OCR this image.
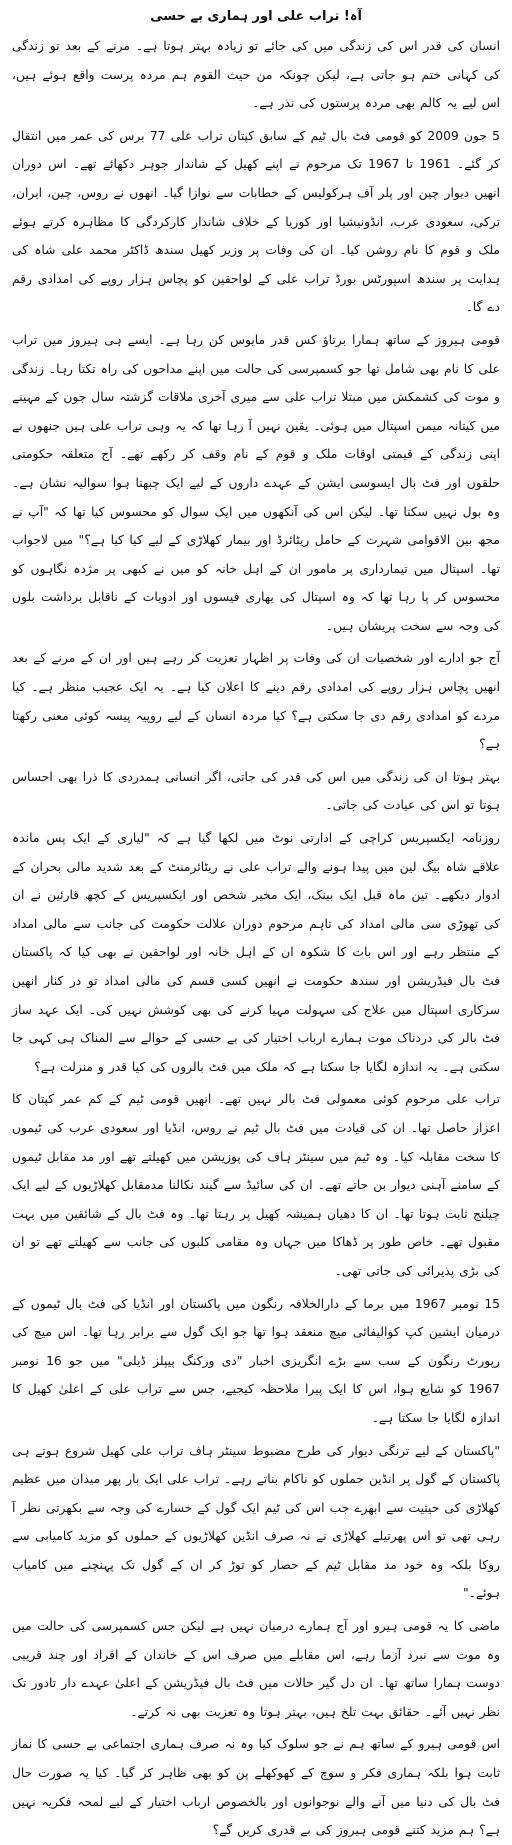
آہ! تراب علی اور ہماری بے حسی

انسان کی قدر اس کی زندگی میں کی جائے تو زیادہ بہتر ہوتا ہے۔ مرنے کے بعد تو زندگی کی کہانی ختم ہو جاتی ہے، لیکن چونکہ من حیث القوم ہم مردہ پرست واقع ہوئے ہیں، اس لیے یہ کالم بھی مردہ پرستوں کی نذر ہے۔

5 جون 2009 کو قومی فٹ بال ٹیم کے سابق کپتان تراب علی 77 برس کی عمر میں انتقال کر گئے۔ 1961 تا 1967 تک مرحوم نے اپنے کھیل کے شاندار جوہر دکھائے تھے۔ اس دوران انھیں دیوار چین اور پلر آف ہرکولیس کے خطابات سے نوازا گیا۔ انھوں نے روس، چین، ایران، ترکی، سعودی عرب، انڈونیشیا اور کوریا کے خلاف شاندار کارکردگی کا مظاہرہ کرتے ہوئے ملک و قوم کا نام روشن کیا۔ ان کی وفات پر وزیر کھیل سندھ ڈاکٹر محمد علی شاہ کی ہدایت پر سندھ اسپورٹس بورڈ تراب علی کے لواحقین کو پچاس ہزار روپے کی امدادی رقم دے گا۔

قومی ہیروز کے ساتھ ہمارا برتاؤ کس قدر مایوس کن رہا ہے۔ ایسے ہی ہیروز میں تراب علی کا نام بھی شامل تھا جو کسمپرسی کی حالت میں اپنے مداحوں کی راہ تکتا رہا۔ زندگی و موت کی کشمکش میں مبتلا تراب علی سے میری آخری ملاقات گزشتہ سال جون کے مہینے میں کیتانہ میمن اسپتال میں ہوئی۔ یقین نہیں آ رہا تھا کہ یہ وہی تراب علی ہیں جنھوں نے اپنی زندگی کے قیمتی اوقات ملک و قوم کے نام وقف کر رکھے تھے۔ آج متعلقہ حکومتی حلقوں اور فٹ بال ایسوسی ایشن کے عہدے داروں کے لیے ایک چبھتا ہوا سوالیہ نشان ہے۔ وہ بول نہیں سکتا تھا۔ لیکن اس کی آنکھوں میں ایک سوال کو محسوس کیا تھا کہ "آپ نے مجھ بین الاقوامی شہرت کے حامل ریٹائرڈ اور بیمار کھلاڑی کے لیے کیا کیا ہے؟" میں لاجواب تھا۔ اسپتال میں تیمارداری پر مامور ان کے اہل خانہ کو میں نے کبھی پر مژدہ نگاہوں کو محسوس کر پا رہا تھا کہ وہ اسپتال کی بھاری فیسوں اور ادویات کے ناقابل برداشت بلوں کی وجہ سے سخت پریشان ہیں۔

آج جو ادارے اور شخصیات ان کی وفات پر اظہار تعزیت کر رہے ہیں اور ان کے مرنے کے بعد انھیں پچاس ہزار روپے کی امدادی رقم دینے کا اعلان کیا ہے۔ یہ ایک عجیب منظر ہے۔ کیا مردے کو امدادی رقم دی جا سکتی ہے؟ کیا مردہ انسان کے لیے روپیہ پیسہ کوئی معنی رکھتا ہے؟

بہتر ہوتا ان کی زندگی میں اس کی قدر کی جاتی، اگر انسانی ہمدردی کا ذرا بھی احساس ہوتا تو اس کی عیادت کی جاتی۔

روزنامہ ایکسپریس کراچی کے ادارتی نوٹ میں لکھا گیا ہے کہ "لیاری کے ایک پس ماندہ علاقے شاہ بیگ لین میں پیدا ہونے والے تراب علی نے ریٹائرمنٹ کے بعد شدید مالی بحران کے ادوار دیکھے۔ تین ماہ قبل ایک بینک، ایک مخیر شخص اور ایکسپریس کے کچھ قارئین نے ان کی تھوڑی سی مالی امداد کی تاہم مرحوم دوران علالت حکومت کی جانب سے مالی امداد کے منتظر رہے اور اس بات کا شکوہ ان کے اہل خانہ اور لواحقین نے بھی کیا کہ پاکستان فٹ بال فیڈریشن اور سندھ حکومت نے انھیں کسی قسم کی مالی امداد تو در کنار انھیں سرکاری اسپتال میں علاج کی سہولت مہیا کرنے کی بھی کوشش نہیں کی۔ ایک عہد ساز فٹ بالر کی دردناک موت ہمارے ارباب اختیار کی بے حسی کے حوالے سے المناک ہی کہی جا سکتی ہے۔ یہ اندازہ لگایا جا سکتا ہے کہ ملک میں فٹ بالروں کی کیا قدر و منزلت ہے؟

تراب علی مرحوم کوئی معمولی فٹ بالر نہیں تھے۔ انھیں قومی ٹیم کے کم عمر کپتان کا اعزاز حاصل تھا۔ ان کی قیادت میں فٹ بال ٹیم نے روس، انڈیا اور سعودی عرب کی ٹیموں کا سخت مقابلہ کیا۔ وہ ٹیم میں سینٹر ہاف کی پوزیشن میں کھیلتے تھے اور مد مقابل ٹیموں کے سامنے آہنی دیوار بن جاتے تھے۔ ان کی سائیڈ سے گیند نکالنا مدمقابل کھلاڑیوں کے لیے ایک چیلنج ثابت ہوتا تھا۔ ان کا دھیان ہمیشہ کھیل پر رہتا تھا۔ وہ فٹ بال کے شائقین میں بہت مقبول تھے۔ خاص طور پر ڈھاکا میں جہاں وہ مقامی کلبوں کی جانب سے کھیلتے تھے تو ان کی بڑی پذیرائی کی جاتی تھی۔

15 نومبر 1967 میں برما کے دارالخلافہ رنگون میں پاکستان اور انڈیا کی فٹ بال ٹیموں کے درمیان ایشین کپ کوالیفائی میچ منعقد ہوا تھا جو ایک گول سے برابر رہا تھا۔ اس میچ کی رپورٹ رنگون کے سب سے بڑے انگریزی اخبار "دی ورکنگ پیپلز ڈیلی" میں جو 16 نومبر 1967 کو شایع ہوا، اس کا ایک پیرا ملاحظہ کیجیے، جس سے تراب علی کے اعلیٰ کھیل کا اندازہ لگایا جا سکتا ہے۔

"پاکستان کے لیے ترنگی دیوار کی طرح مضبوط سینٹر ہاف تراب علی کھیل شروع ہوتے ہی پاکستان کے گول پر انڈین حملوں کو ناکام بناتے رہے۔ تراب علی ایک بار پھر میدان میں عظیم کھلاڑی کی حیثیت سے ابھرے جب اس کی ٹیم ایک گول کے خسارے کی وجہ سے بکھرتی نظر آ رہی تھی تو اس پھرتیلے کھلاڑی نے نہ صرف انڈین کھلاڑیوں کے حملوں کو مزید کامیابی سے روکا بلکہ وہ خود مد مقابل ٹیم کے حصار کو توڑ کر ان کے گول تک پہنچنے میں کامیاب ہوئے۔"

ماضی کا یہ قومی ہیرو اور آج ہمارے درمیان نہیں ہے لیکن جس کسمپرسی کی حالت میں وہ موت سے نبرد آزما رہے، اس مقابلے میں صرف اس کے خاندان کے افراد اور چند قریبی دوست ہمارا ساتھ تھا۔ ان دل گیر حالات میں فٹ بال فیڈریشن کے اعلیٰ عہدے دار تادور تک نظر نہیں آئے۔ حقائق بہت تلخ ہیں، بہتر ہوتا وہ تعزیت بھی نہ کرتے۔

اس قومی ہیرو کے ساتھ ہم نے جو سلوک کیا وہ نہ صرف ہماری اجتماعی بے حسی کا نماز ثابت ہوا بلکہ ہماری فکر و سوچ کے کھوکھلے پن کو بھی ظاہر کر گیا۔ کیا یہ صورت حال فٹ بال کی دنیا میں آنے والے نوجوانوں اور بالخصوص ارباب اختیار کے لیے لمحہ فکریہ نہیں ہے؟ ہم مزید کتنے قومی ہیروز کی بے قدری کریں گے؟
